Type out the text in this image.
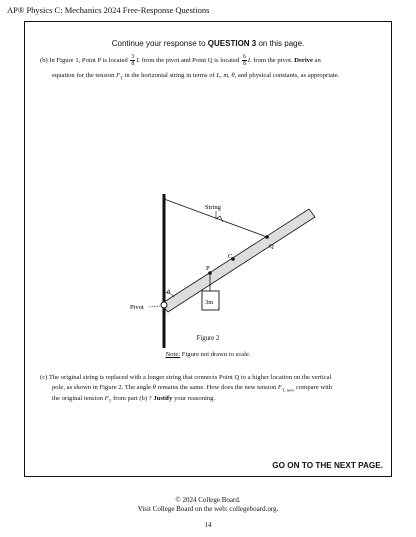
AP® Physics C: Mechanics 2024 Free-Response Questions
Continue your response to QUESTION 3 on this page.
(b) In Figure 1, Point P is located $\frac{3}{8}$ L from the pivot and Point Q is located $\frac{6}{8}$ L from the pivot. Derive an
equation for the tension $F_T$ in the horizontal string in terms of L, m, θ, and physical constants, as appropriate.
String
C
P
Q
θ
3m
Pivot
Figure 2
Note: Figure not drawn to scale.
(c) The original string is replaced with a longer string that connects Point Q to a higher location on the vertical
pole, as shown in Figure 2. The angle θ remains the same. How does the new tension $F_{T, new}$ compare with
the original tension $F_T$ from part (b) ? Justify your reasoning.
GO ON TO THE NEXT PAGE.
© 2024 College Board.
Visit College Board on the web: collegeboard.org.
14
